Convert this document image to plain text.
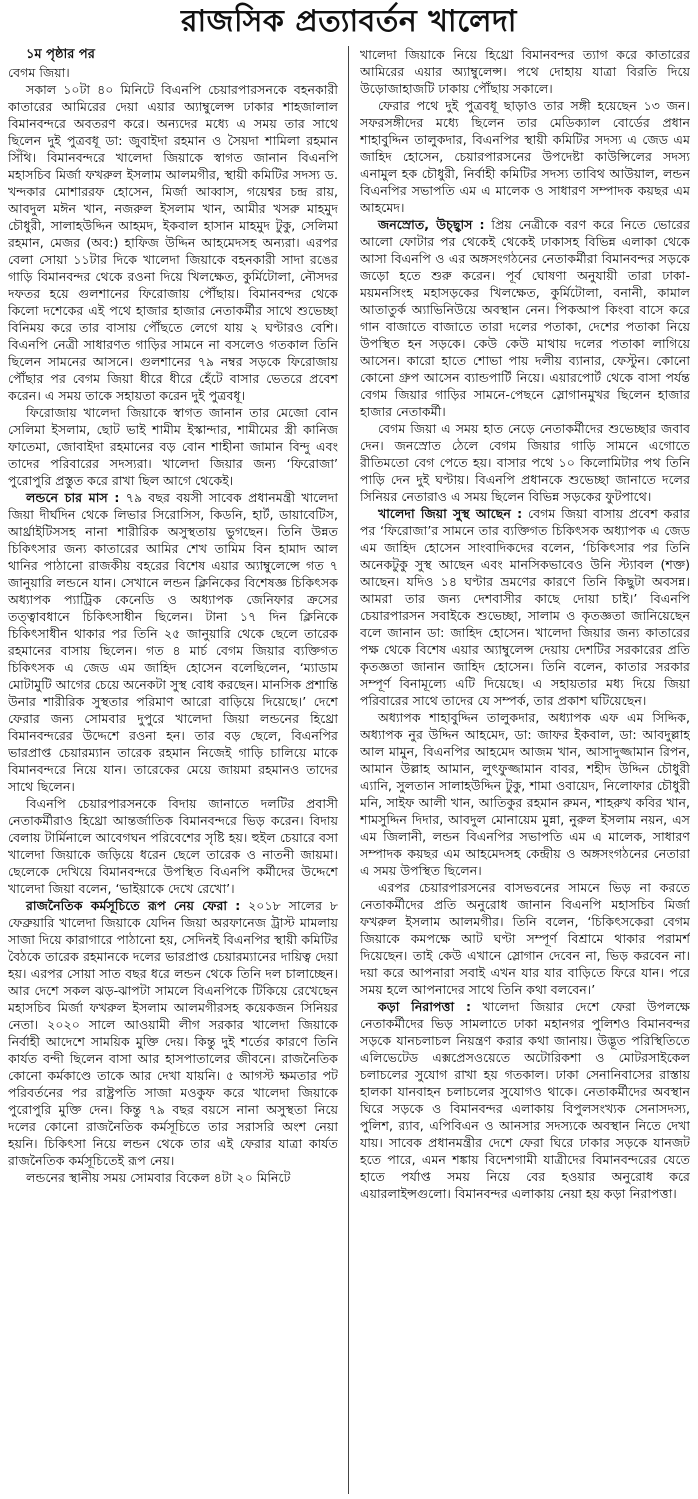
রাজসিক প্রত্যাবর্তন খালেদা

১ম পৃষ্ঠার পর

বেগম জিয়া।

সকাল ১০টা ৪০ মিনিটে বিএনপি চেয়ারপারসনকে বহনকারী কাতারের আমিরের দেয়া এয়ার অ্যাম্বুলেন্স ঢাকার শাহজালাল বিমানবন্দরে অবতরণ করে। অন্যদের মধ্যে এ সময় তার সাথে ছিলেন দুই পুত্রবধূ ডা: জুবাইদা রহমান ও সৈয়দা শামিলা রহমান সিঁথি। বিমানবন্দরে খালেদা জিয়াকে স্বাগত জানান বিএনপি মহাসচিব মির্জা ফখরুল ইসলাম আলমগীর, স্থায়ী কমিটির সদস্য ড. খন্দকার মোশাররফ হোসেন, মির্জা আব্বাস, গয়েশ্বর চন্দ্র রায়, আবদুল মঈন খান, নজরুল ইসলাম খান, আমীর খসরু মাহমুদ চৌধুরী, সালাহউদ্দিন আহমদ, ইকবাল হাসান মাহমুদ টুকু, সেলিমা রহমান, মেজর (অব:) হাফিজ উদ্দিন আহমেদসহ অন্যরা। এরপর বেলা সোয়া ১১টার দিকে খালেদা জিয়াকে বহনকারী সাদা রঙের গাড়ি বিমানবন্দর থেকে রওনা দিয়ে খিলক্ষেত, কুর্মিটোলা, নৌসদর দফতর হয়ে গুলশানের ফিরোজায় পৌঁছায়। বিমানবন্দর থেকে কিলো দশেকের এই পথে হাজার হাজার নেতাকর্মীর সাথে শুভেচ্ছা বিনিময় করে তার বাসায় পৌঁছতে লেগে যায় ২ ঘণ্টারও বেশি। বিএনপি নেত্রী সাধারণত গাড়ির সামনে না বসলেও গতকাল তিনি ছিলেন সামনের আসনে। গুলশানের ৭৯ নম্বর সড়কে ফিরোজায় পৌঁছার পর বেগম জিয়া ধীরে ধীরে হেঁটে বাসার ভেতরে প্রবেশ করেন। এ সময় তাকে সহায়তা করেন দুই পুত্রবধূ।

ফিরোজায় খালেদা জিয়াকে স্বাগত জানান তার মেজো বোন সেলিমা ইসলাম, ছোট ভাই শামীম ইস্কান্দার, শামীমের স্ত্রী কানিজ ফাতেমা, জোবাইদা রহমানের বড় বোন শাহীনা জামান বিন্দু এবং তাদের পরিবারের সদস্যরা। খালেদা জিয়ার জন্য ‘ফিরোজা’ পুরোপুরি প্রস্তুত করে রাখা ছিল আগে থেকেই।

লন্ডনে চার মাস : ৭৯ বছর বয়সী সাবেক প্রধানমন্ত্রী খালেদা জিয়া দীর্ঘদিন থেকে লিভার সিরোসিস, কিডনি, হার্ট, ডায়াবেটিস, আর্থ্রাইটিসসহ নানা শারীরিক অসুস্থতায় ভুগছেন। তিনি উন্নত চিকিৎসার জন্য কাতারের আমির শেখ তামিম বিন হামাদ আল থানির পাঠানো রাজকীয় বহরের বিশেষ এয়ার অ্যাম্বুলেন্সে গত ৭ জানুয়ারি লন্ডনে যান। সেখানে লন্ডন ক্লিনিকের বিশেষজ্ঞ চিকিৎসক অধ্যাপক প্যাট্রিক কেনেডি ও অধ্যাপক জেনিফার ক্রসের তত্ত্বাবধানে চিকিৎসাধীন ছিলেন। টানা ১৭ দিন ক্লিনিকে চিকিৎসাধীন থাকার পর তিনি ২৫ জানুয়ারি থেকে ছেলে তারেক রহমানের বাসায় ছিলেন। গত ৪ মার্চ বেগম জিয়ার ব্যক্তিগত চিকিৎসক এ জেড এম জাহিদ হোসেন বলেছিলেন, ‘ম্যাডাম মোটামুটি আগের চেয়ে অনেকটা সুস্থ বোধ করছেন। মানসিক প্রশান্তি উনার শারীরিক সুস্থতার পরিমাণ আরো বাড়িয়ে দিয়েছে।’ দেশে ফেরার জন্য সোমবার দুপুরে খালেদা জিয়া লন্ডনের হিথ্রো বিমানবন্দরের উদ্দেশে রওনা হন। তার বড় ছেলে, বিএনপির ভারপ্রাপ্ত চেয়ারম্যান তারেক রহমান নিজেই গাড়ি চালিয়ে মাকে বিমানবন্দরে নিয়ে যান। তারেকের মেয়ে জায়মা রহমানও তাদের সাথে ছিলেন।

বিএনপি চেয়ারপারসনকে বিদায় জানাতে দলটির প্রবাসী নেতাকর্মীরাও হিথ্রো আন্তর্জাতিক বিমানবন্দরে ভিড় করেন। বিদায় বেলায় টার্মিনালে আবেগঘন পরিবেশের সৃষ্টি হয়। হুইল চেয়ারে বসা খালেদা জিয়াকে জড়িয়ে ধরেন ছেলে তারেক ও নাতনী জায়মা। ছেলেকে দেখিয়ে বিমানবন্দরে উপস্থিত বিএনপি কর্মীদের উদ্দেশে খালেদা জিয়া বলেন, ‘ভাইয়াকে দেখে রেখো’।

রাজনৈতিক কর্মসূচিতে রূপ নেয় ফেরা : ২০১৮ সালের ৮ ফেব্রুয়ারি খালেদা জিয়াকে যেদিন জিয়া অরফানেজ ট্রাস্ট মামলায় সাজা দিয়ে কারাগারে পাঠানো হয়, সেদিনই বিএনপির স্থায়ী কমিটির বৈঠকে তারেক রহমানকে দলের ভারপ্রাপ্ত চেয়ারম্যানের দায়িত্ব দেয়া হয়। এরপর সোয়া সাত বছর ধরে লন্ডন থেকে তিনি দল চালাচ্ছেন। আর দেশে সকল ঝড়-ঝাপটা সামলে বিএনপিকে টিকিয়ে রেখেছেন মহাসচিব মির্জা ফখরুল ইসলাম আলমগীরসহ কয়েকজন সিনিয়র নেতা। ২০২০ সালে আওয়ামী লীগ সরকার খালেদা জিয়াকে নির্বাহী আদেশে সাময়িক মুক্তি দেয়। কিন্তু দুই শর্তের কারণে তিনি কার্যত বন্দী ছিলেন বাসা আর হাসপাতালের জীবনে। রাজনৈতিক কোনো কর্মকাণ্ডে তাকে আর দেখা যায়নি। ৫ আগস্ট ক্ষমতার পট পরিবর্তনের পর রাষ্ট্রপতি সাজা মওকুফ করে খালেদা জিয়াকে পুরোপুরি মুক্তি দেন। কিন্তু ৭৯ বছর বয়সে নানা অসুস্থতা নিয়ে দলের কোনো রাজনৈতিক কর্মসূচিতে তার সরাসরি অংশ নেয়া হয়নি। চিকিৎসা নিয়ে লন্ডন থেকে তার এই ফেরার যাত্রা কার্যত রাজনৈতিক কর্মসূচিতেই রূপ নেয়।

লন্ডনের স্থানীয় সময় সোমবার বিকেল ৪টা ২০ মিনিটে

খালেদা জিয়াকে নিয়ে হিথ্রো বিমানবন্দর ত্যাগ করে কাতারের আমিরের এয়ার অ্যাম্বুলেন্স। পথে দোহায় যাত্রা বিরতি দিয়ে উড়োজাহাজটি ঢাকায় পৌঁছায় সকালে।

ফেরার পথে দুই পুত্রবধূ ছাড়াও তার সঙ্গী হয়েছেন ১৩ জন। সফরসঙ্গীদের মধ্যে ছিলেন তার মেডিক্যাল বোর্ডের প্রধান শাহাবুদ্দিন তালুকদার, বিএনপির স্থায়ী কমিটির সদস্য এ জেড এম জাহিদ হোসেন, চেয়ারপারসনের উপদেষ্টা কাউন্সিলের সদস্য এনামুল হক চৌধুরী, নির্বাহী কমিটির সদস্য তাবিথ আউয়াল, লন্ডন বিএনপির সভাপতি এম এ মালেক ও সাধারণ সম্পাদক কয়ছর এম আহমেদ।

জনস্রোত, উচ্ছ্বাস : প্রিয় নেত্রীকে বরণ করে নিতে ভোরের আলো ফোটার পর থেকেই থেকেই ঢাকাসহ বিভিন্ন এলাকা থেকে আসা বিএনপি ও এর অঙ্গসংগঠনের নেতাকর্মীরা বিমানবন্দর সড়কে জড়ো হতে শুরু করেন। পূর্ব ঘোষণা অনুযায়ী তারা ঢাকা-ময়মনসিংহ মহাসড়কের খিলক্ষেত, কুর্মিটোলা, বনানী, কামাল আতাতুর্ক অ্যাভিনিউয়ে অবস্থান নেন। পিকআপ কিংবা বাসে করে গান বাজাতে বাজাতে তারা দলের পতাকা, দেশের পতাকা নিয়ে উপস্থিত হন সড়কে। কেউ কেউ মাথায় দলের পতাকা লাগিয়ে আসেন। কারো হাতে শোভা পায় দলীয় ব্যানার, ফেস্টুন। কোনো কোনো গ্রুপ আসেন ব্যান্ডপার্টি নিয়ে। এয়ারপোর্ট থেকে বাসা পর্যন্ত বেগম জিয়ার গাড়ির সামনে-পেছনে স্লোগানমুখর ছিলেন হাজার হাজার নেতাকর্মী।

বেগম জিয়া এ সময় হাত নেড়ে নেতাকর্মীদের শুভেচ্ছার জবাব দেন। জনস্রোত ঠেলে বেগম জিয়ার গাড়ি সামনে এগোতে রীতিমতো বেগ পেতে হয়। বাসার পথে ১০ কিলোমিটার পথ তিনি পাড়ি দেন দুই ঘণ্টায়। বিএনপি প্রধানকে শুভেচ্ছা জানাতে দলের সিনিয়র নেতারাও এ সময় ছিলেন বিভিন্ন সড়কের ফুটপাথে।

খালেদা জিয়া সুস্থ আছেন : বেগম জিয়া বাসায় প্রবেশ করার পর ‘ফিরোজা’র সামনে তার ব্যক্তিগত চিকিৎসক অধ্যাপক এ জেড এম জাহিদ হোসেন সাংবাদিকদের বলেন, ‘চিকিৎসার পর তিনি অনেকটুকু সুস্থ আছেন এবং মানসিকভাবেও উনি স্ট্যাবল (শক্ত) আছেন। যদিও ১৪ ঘণ্টার ভ্রমণের কারণে তিনি কিছুটা অবসন্ন। আমরা তার জন্য দেশবাসীর কাছে দোয়া চাই।’ বিএনপি চেয়ারপারসন সবাইকে শুভেচ্ছা, সালাম ও কৃতজ্ঞতা জানিয়েছেন বলে জানান ডা: জাহিদ হোসেন। খালেদা জিয়ার জন্য কাতারের পক্ষ থেকে বিশেষ এয়ার অ্যাম্বুলেন্স দেয়ায় দেশটির সরকারের প্রতি কৃতজ্ঞতা জানান জাহিদ হোসেন। তিনি বলেন, কাতার সরকার সম্পূর্ণ বিনামূল্যে এটি দিয়েছে। এ সহায়তার মধ্য দিয়ে জিয়া পরিবারের সাথে তাদের যে সম্পর্ক, তার প্রকাশ ঘটিয়েছেন।

অধ্যাপক শাহাবুদ্দিন তালুকদার, অধ্যাপক এফ এম সিদ্দিক, অধ্যাপক নুর উদ্দিন আহমেদ, ডা: জাফর ইকবাল, ডা: আবদুল্লাহ আল মামুন, বিএনপির আহমেদ আজম খান, আসাদুজ্জামান রিপন, আমান উল্লাহ আমান, লুৎফুজ্জামান বাবর, শহীদ উদ্দিন চৌধুরী এ্যানি, সুলতান সালাহউদ্দিন টুকু, শামা ওবায়েদ, নিলোফার চৌধুরী মনি, সাইফ আলী খান, আতিকুর রহমান রুমন, শাহরুখ কবির খান, শামসুদ্দিন দিদার, আবদুল মোনায়েম মুন্না, নুরুল ইসলাম নয়ন, এস এম জিলানী, লন্ডন বিএনপির সভাপতি এম এ মালেক, সাধারণ সম্পাদক কয়ছর এম আহমেদসহ কেন্দ্রীয় ও অঙ্গসংগঠনের নেতারা এ সময় উপস্থিত ছিলেন।

এরপর চেয়ারপারসনের বাসভবনের সামনে ভিড় না করতে নেতাকর্মীদের প্রতি অনুরোধ জানান বিএনপি মহাসচিব মির্জা ফখরুল ইসলাম আলমগীর। তিনি বলেন, ‘চিকিৎসকেরা বেগম জিয়াকে কমপক্ষে আট ঘণ্টা সম্পূর্ণ বিশ্রামে থাকার পরামর্শ দিয়েছেন। তাই কেউ এখানে স্লোগান দেবেন না, ভিড় করবেন না। দয়া করে আপনারা সবাই এখন যার যার বাড়িতে ফিরে যান। পরে সময় হলে আপনাদের সাথে তিনি কথা বলবেন।’

কড়া নিরাপত্তা : খালেদা জিয়ার দেশে ফেরা উপলক্ষে নেতাকর্মীদের ভিড় সামলাতে ঢাকা মহানগর পুলিশও বিমানবন্দর সড়কে যানচলাচল নিয়ন্ত্রণ করার কথা জানায়। উদ্ভূত পরিস্থিতিতে এলিভেটেড এক্সপ্রেসওয়েতে অটোরিকশা ও মোটরসাইকেল চলাচলের সুযোগ রাখা হয় গতকাল। ঢাকা সেনানিবাসের রাস্তায় হালকা যানবাহন চলাচলের সুযোগও থাকে। নেতাকর্মীদের অবস্থান ঘিরে সড়কে ও বিমানবন্দর এলাকায় বিপুলসংখ্যক সেনাসদস্য, পুলিশ, র‍্যাব, এপিবিএন ও আনসার সদস্যকে অবস্থান নিতে দেখা যায়। সাবেক প্রধানমন্ত্রীর দেশে ফেরা ঘিরে ঢাকার সড়কে যানজট হতে পারে, এমন শঙ্কায় বিদেশগামী যাত্রীদের বিমানবন্দরের যেতে হাতে পর্যাপ্ত সময় নিয়ে বের হওয়ার অনুরোধ করে এয়ারলাইন্সগুলো। বিমানবন্দর এলাকায় নেয়া হয় কড়া নিরাপত্তা।
